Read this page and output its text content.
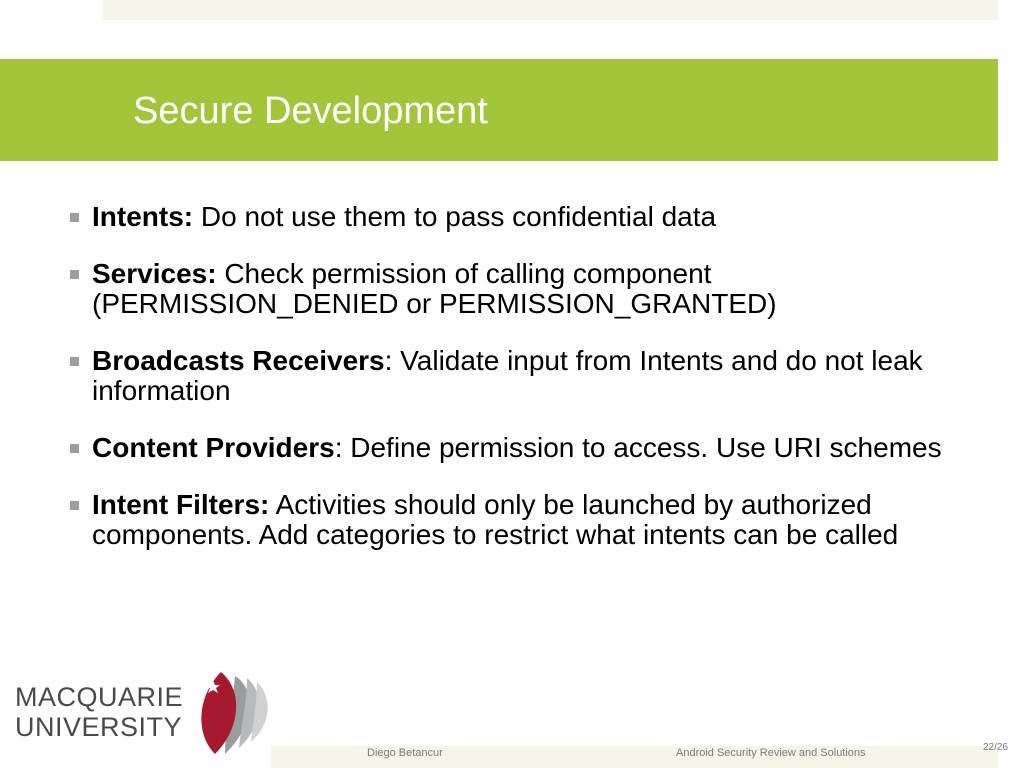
Secure Development
Intents: Do not use them to pass confidential data
Services: Check permission of calling component (PERMISSION_DENIED or PERMISSION_GRANTED)
Broadcasts Receivers: Validate input from Intents and do not leak information
Content Providers: Define permission to access. Use URI schemes
Intent Filters: Activities should only be launched by authorized components. Add categories to restrict what intents can be called
MACQUARIE
UNIVERSITY
Diego Betancur	Android Security Review and Solutions	22/26
